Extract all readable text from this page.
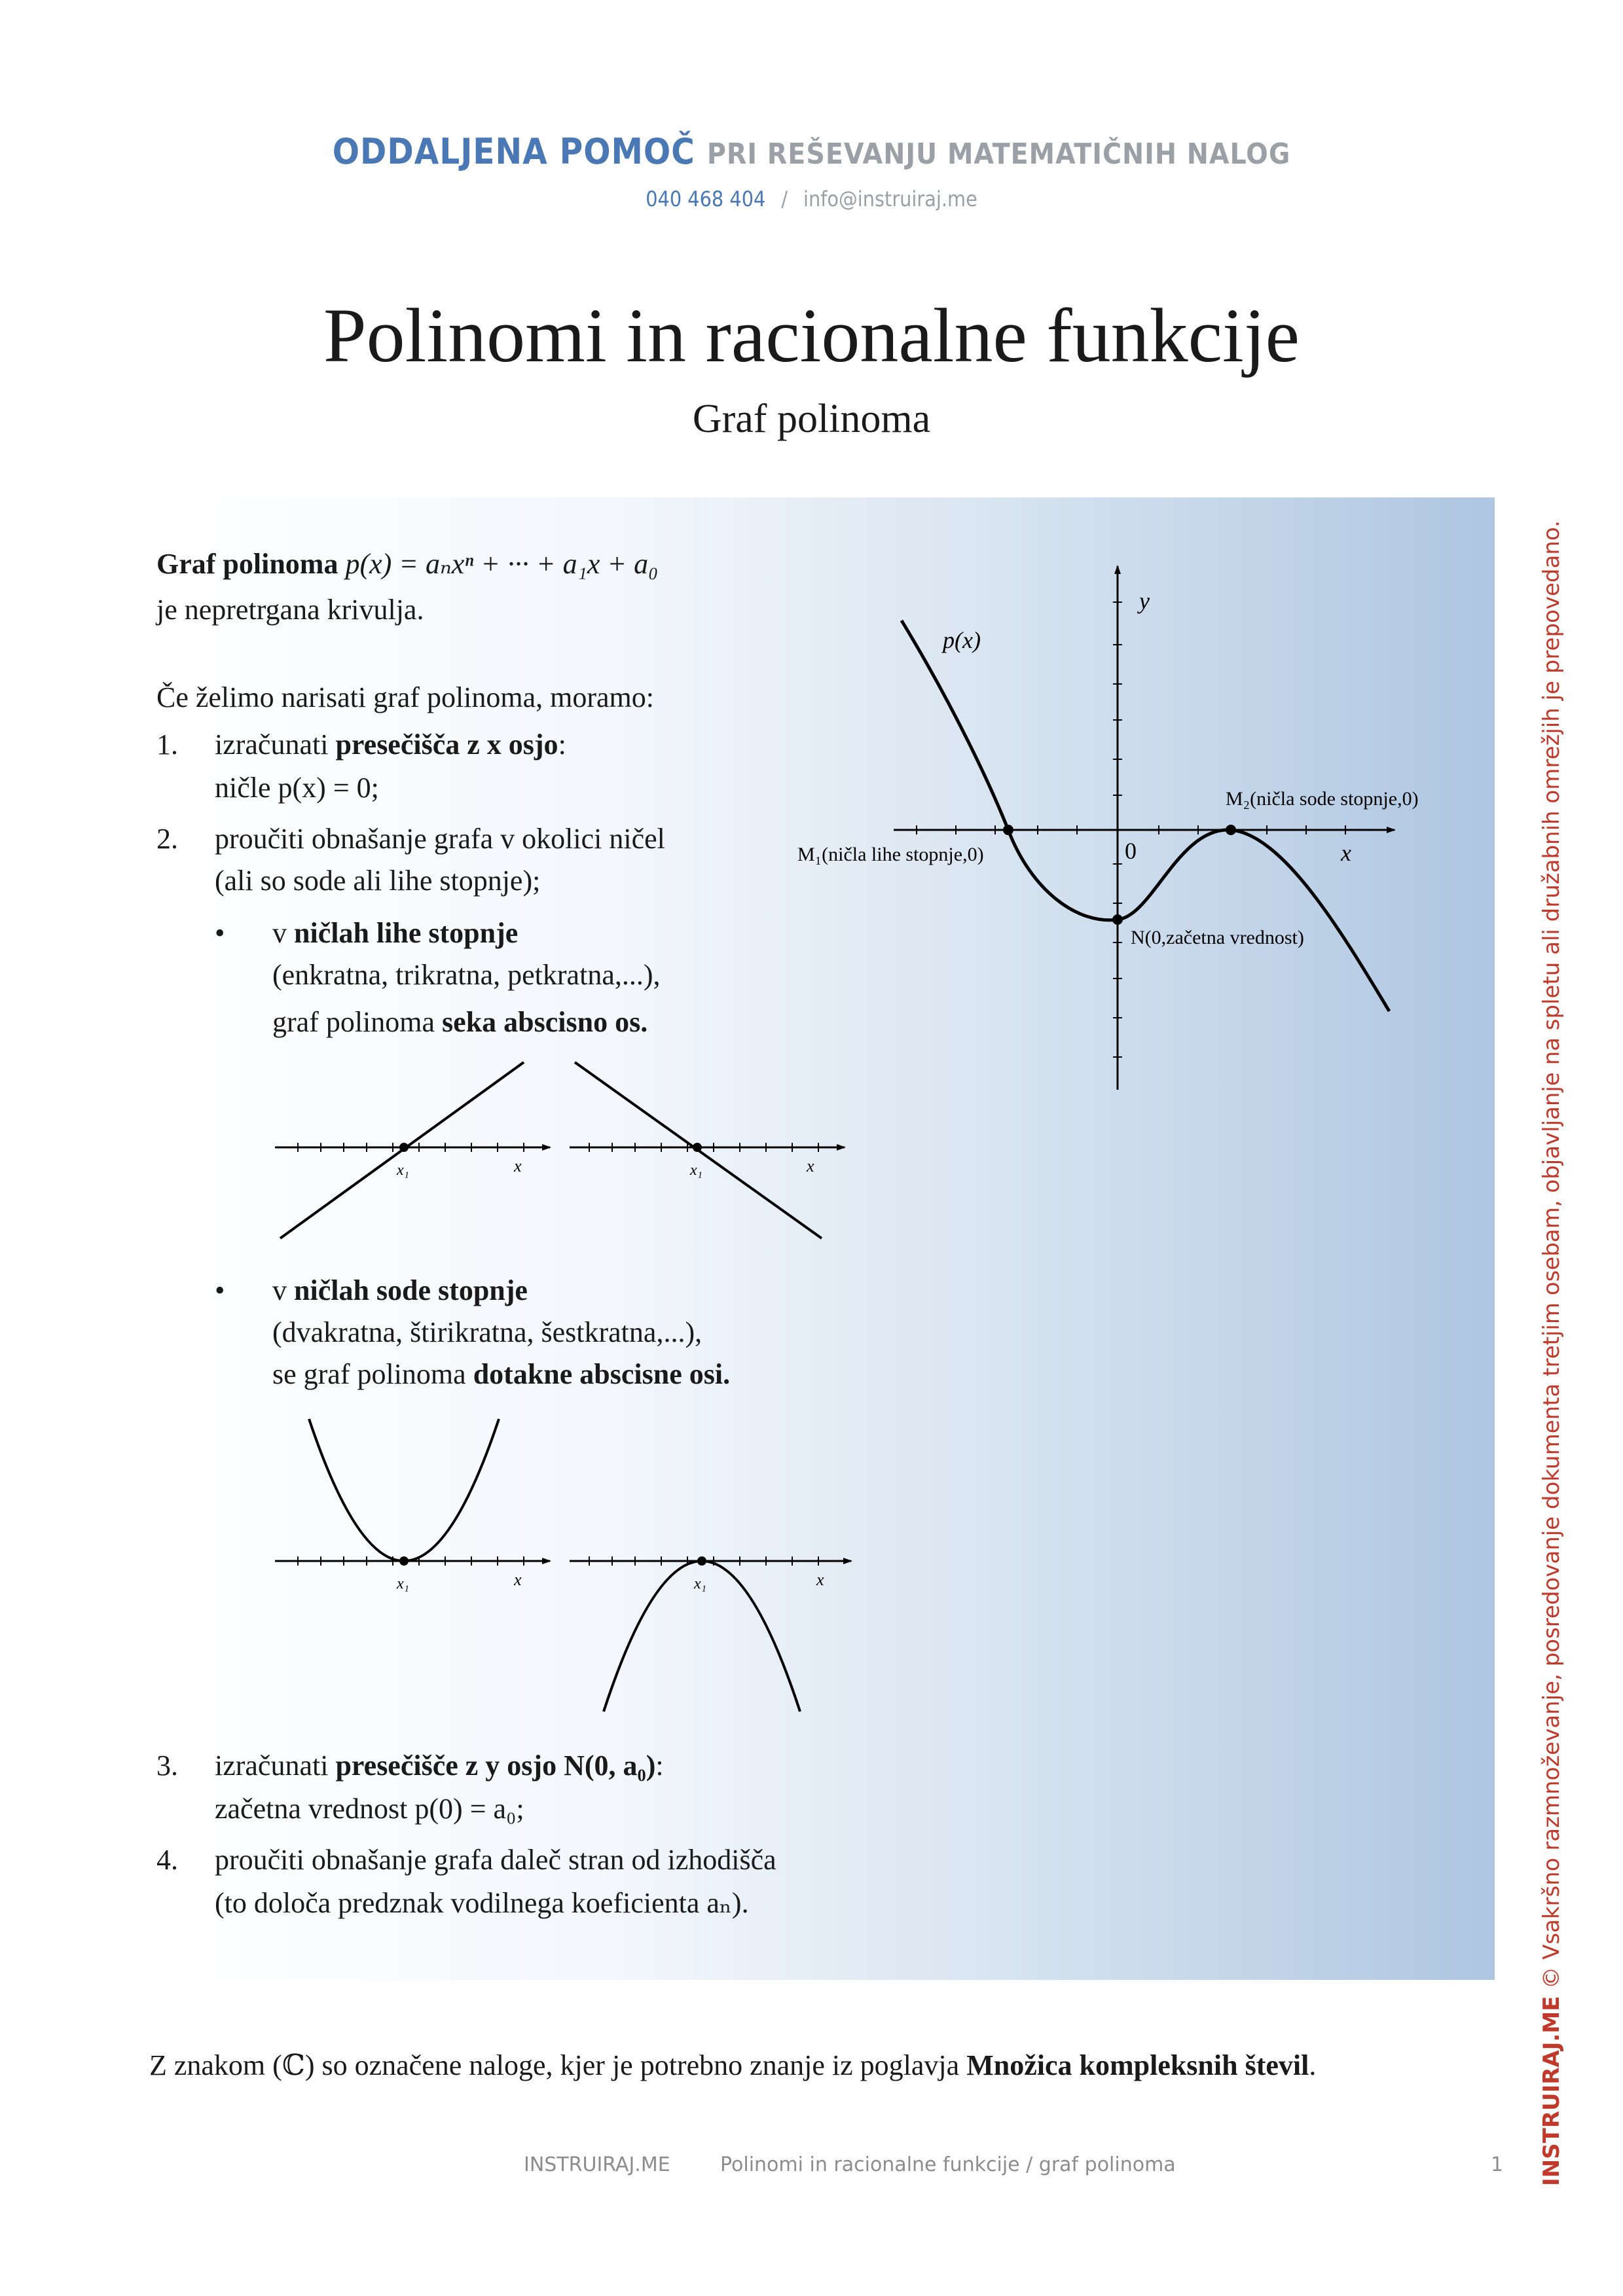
ODDALJENA POMOČ PRI REŠEVANJU MATEMATIČNIH NALOG
040 468 404 / info@instruiraj.me
Polinomi in racionalne funkcije
Graf polinoma
Graf polinoma p(x) = aₙxⁿ + ··· + a₁x + a₀
je nepretrgana krivulja.
Če želimo narisati graf polinoma, moramo:
1. izračunati presečišča z x osjo:
ničle p(x) = 0;
2. proučiti obnašanje grafa v okolici ničel
(ali so sode ali lihe stopnje);
• v ničlah lihe stopnje
(enkratna, trikratna, petkratna,...),
graf polinoma seka abscisno os.
• v ničlah sode stopnje
(dvakratna, štirikratna, šestkratna,...),
se graf polinoma dotakne abscisne osi.
3. izračunati presečišče z y osjo N(0, a₀):
začetna vrednost p(0) = a₀;
4. proučiti obnašanje grafa daleč stran od izhodišča
(to določa predznak vodilnega koeficienta aₙ).
x₁	x	x₁	x
x₁	x	x₁	x
p(x)
y
x
0
M₁(ničla lihe stopnje,0)
M₂(ničla sode stopnje,0)
N(0,začetna vrednost)
Z znakom (ℂ) so označene naloge, kjer je potrebno znanje iz poglavja Množica kompleksnih števil.
INSTRUIRAJ.ME	Polinomi in racionalne funkcije / graf polinoma	1 INSTRUIRAJ.ME © Vsakršno razmnoževanje, posredovanje dokumenta tretjim osebam, objavljanje na spletu ali družabnih omrežjih je prepovedano.
